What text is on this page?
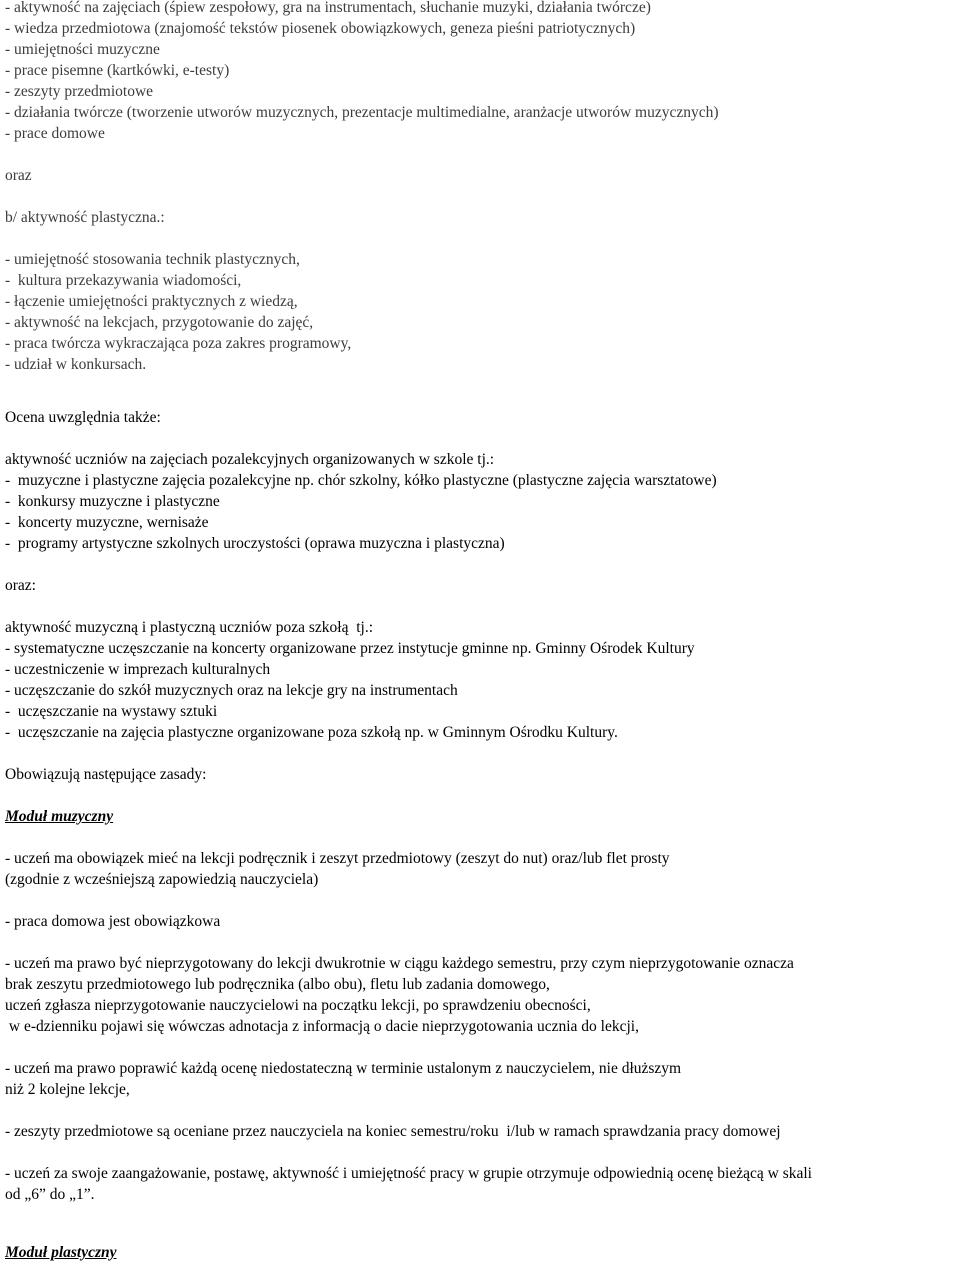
- aktywność na zajęciach (śpiew zespołowy, gra na instrumentach, słuchanie muzyki, działania twórcze)
- wiedza przedmiotowa (znajomość tekstów piosenek obowiązkowych, geneza pieśni patriotycznych)
- umiejętności muzyczne
- prace pisemne (kartkówki, e-testy)
- zeszyty przedmiotowe
- działania twórcze (tworzenie utworów muzycznych, prezentacje multimedialne, aranżacje utworów muzycznych)
- prace domowe
oraz
b/ aktywność plastyczna.:
- umiejętność stosowania technik plastycznych,
-  kultura przekazywania wiadomości,
- łączenie umiejętności praktycznych z wiedzą,
- aktywność na lekcjach, przygotowanie do zajęć,
- praca twórcza wykraczająca poza zakres programowy,
- udział w konkursach.
Ocena uwzględnia także:
aktywność uczniów na zajęciach pozalekcyjnych organizowanych w szkole tj.:
-  muzyczne i plastyczne zajęcia pozalekcyjne np. chór szkolny, kółko plastyczne (plastyczne zajęcia warsztatowe)
-  konkursy muzyczne i plastyczne
-  koncerty muzyczne, wernisaże
-  programy artystyczne szkolnych uroczystości (oprawa muzyczna i plastyczna)
oraz:
aktywność muzyczną i plastyczną uczniów poza szkołą  tj.:
- systematyczne uczęszczanie na koncerty organizowane przez instytucje gminne np. Gminny Ośrodek Kultury
- uczestniczenie w imprezach kulturalnych
- uczęszczanie do szkół muzycznych oraz na lekcje gry na instrumentach
-  uczęszczanie na wystawy sztuki
-  uczęszczanie na zajęcia plastyczne organizowane poza szkołą np. w Gminnym Ośrodku Kultury.
Obowiązują następujące zasady:
Moduł muzyczny
- uczeń ma obowiązek mieć na lekcji podręcznik i zeszyt przedmiotowy (zeszyt do nut) oraz/lub flet prosty
(zgodnie z wcześniejszą zapowiedzią nauczyciela)
- praca domowa jest obowiązkowa
- uczeń ma prawo być nieprzygotowany do lekcji dwukrotnie w ciągu każdego semestru, przy czym nieprzygotowanie oznacza
brak zeszytu przedmiotowego lub podręcznika (albo obu), fletu lub zadania domowego,
uczeń zgłasza nieprzygotowanie nauczycielowi na początku lekcji, po sprawdzeniu obecności,
w e-dzienniku pojawi się wówczas adnotacja z informacją o dacie nieprzygotowania ucznia do lekcji,
- uczeń ma prawo poprawić każdą ocenę niedostateczną w terminie ustalonym z nauczycielem, nie dłuższym
niż 2 kolejne lekcje,
- zeszyty przedmiotowe są oceniane przez nauczyciela na koniec semestru/roku  i/lub w ramach sprawdzania pracy domowej
- uczeń za swoje zaangażowanie, postawę, aktywność i umiejętność pracy w grupie otrzymuje odpowiednią ocenę bieżącą w skali
od „6” do „1”.
Moduł plastyczny
